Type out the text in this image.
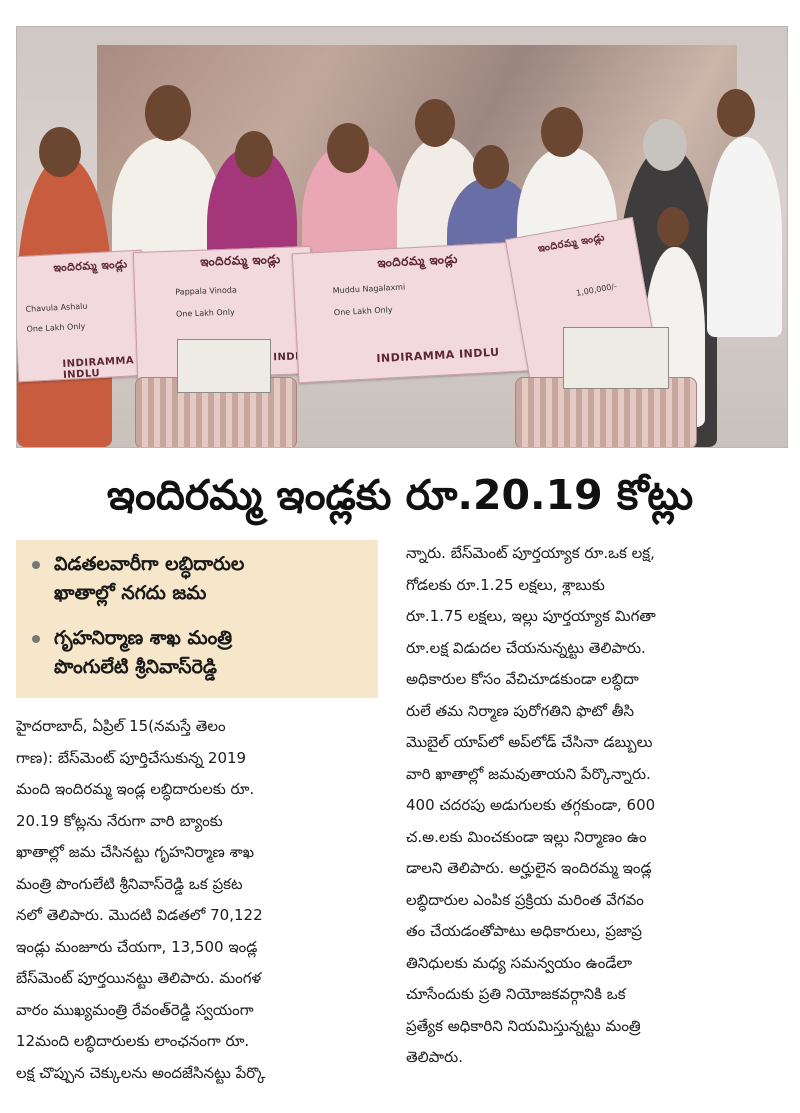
ఇందిరమ్మ ఇండ్లు
Chavula Ashalu
One Lakh Only
INDIRAMMA INDLU
ఇందిరమ్మ ఇండ్లు
Pappala Vinoda
One Lakh Only
INDLU
ఇందిరమ్మ ఇండ్లు
Muddu Nagalaxmi
One Lakh Only
INDIRAMMA INDLU
ఇందిరమ్మ ఇండ్లు
1,00,000/-
ఇందిరమ్మ ఇండ్లకు రూ.20.19 కోట్లు
విడతలవారీగా లబ్ధిదారుల
ఖాతాల్లో నగదు జమ
గృహనిర్మాణ శాఖ మంత్రి
పొంగులేటి శ్రీనివాస్‌రెడ్డి
హైదరాబాద్, ఏప్రిల్ 15(నమస్తే తెలం
గాణ): బేస్‌మెంట్ పూర్తిచేసుకున్న 2019
మంది ఇందిరమ్మ ఇండ్ల లబ్ధిదారులకు రూ.
20.19 కోట్లను నేరుగా వారి బ్యాంకు
ఖాతాల్లో జమ చేసినట్టు గృహనిర్మాణ శాఖ
మంత్రి పొంగులేటి శ్రీనివాస్‌రెడ్డి ఒక ప్రకట
నలో తెలిపారు. మొదటి విడతలో 70,122
ఇండ్లు మంజూరు చేయగా, 13,500 ఇండ్ల
బేస్‌మెంట్ పూర్తయినట్టు తెలిపారు. మంగళ
వారం ముఖ్యమంత్రి రేవంత్‌రెడ్డి స్వయంగా
12మంది లబ్ధిదారులకు లాంఛనంగా రూ.
లక్ష చొప్పున చెక్కులను అందజేసినట్టు పేర్కొ
న్నారు. బేస్‌మెంట్ పూర్తయ్యాక రూ.ఒక లక్ష,
గోడలకు రూ.1.25 లక్షలు, శ్లాబుకు
రూ.1.75 లక్షలు, ఇల్లు పూర్తయ్యాక మిగతా
రూ.లక్ష విడుదల చేయనున్నట్టు తెలిపారు.
అధికారుల కోసం వేచిచూడకుండా లబ్ధిదా
రులే తమ నిర్మాణ పురోగతిని ఫొటో తీసి
మొబైల్ యాప్‌లో అప్‌లోడ్ చేసినా డబ్బులు
వారి ఖాతాల్లో జమవుతాయని పేర్కొన్నారు.
400 చదరపు అడుగులకు తగ్గకుండా, 600
చ.అ.లకు మించకుండా ఇల్లు నిర్మాణం ఉం
డాలని తెలిపారు. అర్హులైన ఇందిరమ్మ ఇండ్ల
లబ్ధిదారుల ఎంపిక ప్రక్రియ మరింత వేగవం
తం చేయడంతోపాటు అధికారులు, ప్రజాప్ర
తినిధులకు మధ్య సమన్వయం ఉండేలా
చూసేందుకు ప్రతి నియోజకవర్గానికి ఒక
ప్రత్యేక అధికారిని నియమిస్తున్నట్టు మంత్రి
తెలిపారు.
